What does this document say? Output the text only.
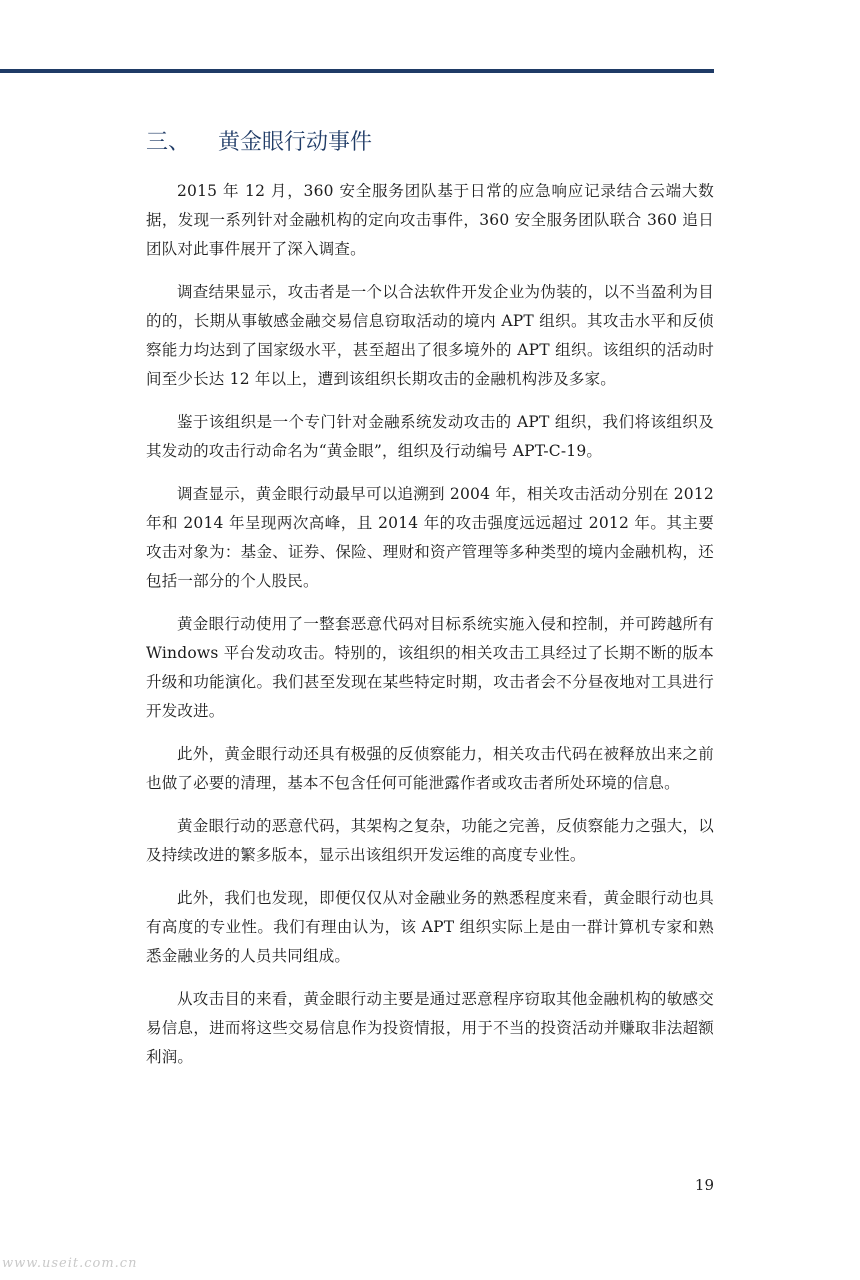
三、 黄金眼行动事件

2015 年 12 月，360 安全服务团队基于日常的应急响应记录结合云端大数据，发现一系列针对金融机构的定向攻击事件，360 安全服务团队联合 360 追日团队对此事件展开了深入调查。

调查结果显示，攻击者是一个以合法软件开发企业为伪装的，以不当盈利为目的的，长期从事敏感金融交易信息窃取活动的境内 APT 组织。其攻击水平和反侦察能力均达到了国家级水平，甚至超出了很多境外的 APT 组织。该组织的活动时间至少长达 12 年以上，遭到该组织长期攻击的金融机构涉及多家。

鉴于该组织是一个专门针对金融系统发动攻击的 APT 组织，我们将该组织及其发动的攻击行动命名为“黄金眼”，组织及行动编号 APT-C-19。

调查显示，黄金眼行动最早可以追溯到 2004 年，相关攻击活动分别在 2012 年和 2014 年呈现两次高峰，且 2014 年的攻击强度远远超过 2012 年。其主要攻击对象为：基金、证券、保险、理财和资产管理等多种类型的境内金融机构，还包括一部分的个人股民。

黄金眼行动使用了一整套恶意代码对目标系统实施入侵和控制，并可跨越所有 Windows 平台发动攻击。特别的，该组织的相关攻击工具经过了长期不断的版本升级和功能演化。我们甚至发现在某些特定时期，攻击者会不分昼夜地对工具进行开发改进。

此外，黄金眼行动还具有极强的反侦察能力，相关攻击代码在被释放出来之前也做了必要的清理，基本不包含任何可能泄露作者或攻击者所处环境的信息。

黄金眼行动的恶意代码，其架构之复杂，功能之完善，反侦察能力之强大，以及持续改进的繁多版本，显示出该组织开发运维的高度专业性。

此外，我们也发现，即便仅仅从对金融业务的熟悉程度来看，黄金眼行动也具有高度的专业性。我们有理由认为，该 APT 组织实际上是由一群计算机专家和熟悉金融业务的人员共同组成。

从攻击目的来看，黄金眼行动主要是通过恶意程序窃取其他金融机构的敏感交易信息，进而将这些交易信息作为投资情报，用于不当的投资活动并赚取非法超额利润。

19
www.useit.com.cn
